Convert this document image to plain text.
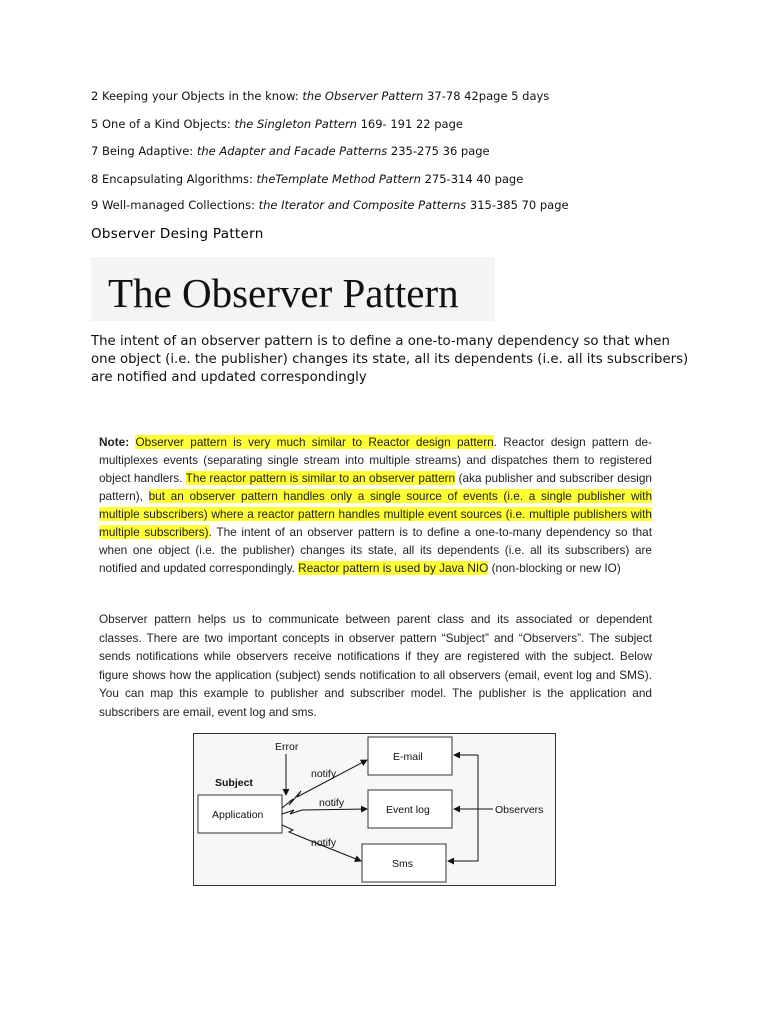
2 Keeping your Objects in the know: the Observer Pattern 37-78 42page 5 days
5 One of a Kind Objects: the Singleton Pattern 169- 191 22 page
7 Being Adaptive: the Adapter and Facade Patterns 235-275 36 page
8 Encapsulating Algorithms: theTemplate Method Pattern 275-314 40 page
9 Well-managed Collections: the Iterator and Composite Patterns 315-385 70 page
Observer Desing Pattern
The Observer Pattern
The intent of an observer pattern is to define a one-to-many dependency so that when one object (i.e. the publisher) changes its state, all its dependents (i.e. all its subscribers) are notified and updated correspondingly
Note: Observer pattern is very much similar to Reactor design pattern. Reactor design pattern de-multiplexes events (separating single stream into multiple streams) and dispatches them to registered object handlers. The reactor pattern is similar to an observer pattern (aka publisher and subscriber design pattern), but an observer pattern handles only a single source of events (i.e. a single publisher with multiple subscribers) where a reactor pattern handles multiple event sources (i.e. multiple publishers with multiple subscribers). The intent of an observer pattern is to define a one-to-many dependency so that when one object (i.e. the publisher) changes its state, all its dependents (i.e. all its subscribers) are notified and updated correspondingly. Reactor pattern is used by Java NIO (non-blocking or new IO)
Observer pattern helps us to communicate between parent class and its associated or dependent classes. There are two important concepts in observer pattern “Subject” and “Observers”. The subject sends notifications while observers receive notifications if they are registered with the subject. Below figure shows how the application (subject) sends notification to all observers (email, event log and SMS). You can map this example to publisher and subscriber model. The publisher is the application and subscribers are email, event log and sms.
Error
Subject
Application
notify
notify
notify
E-mail
Event log
Sms
Observers
